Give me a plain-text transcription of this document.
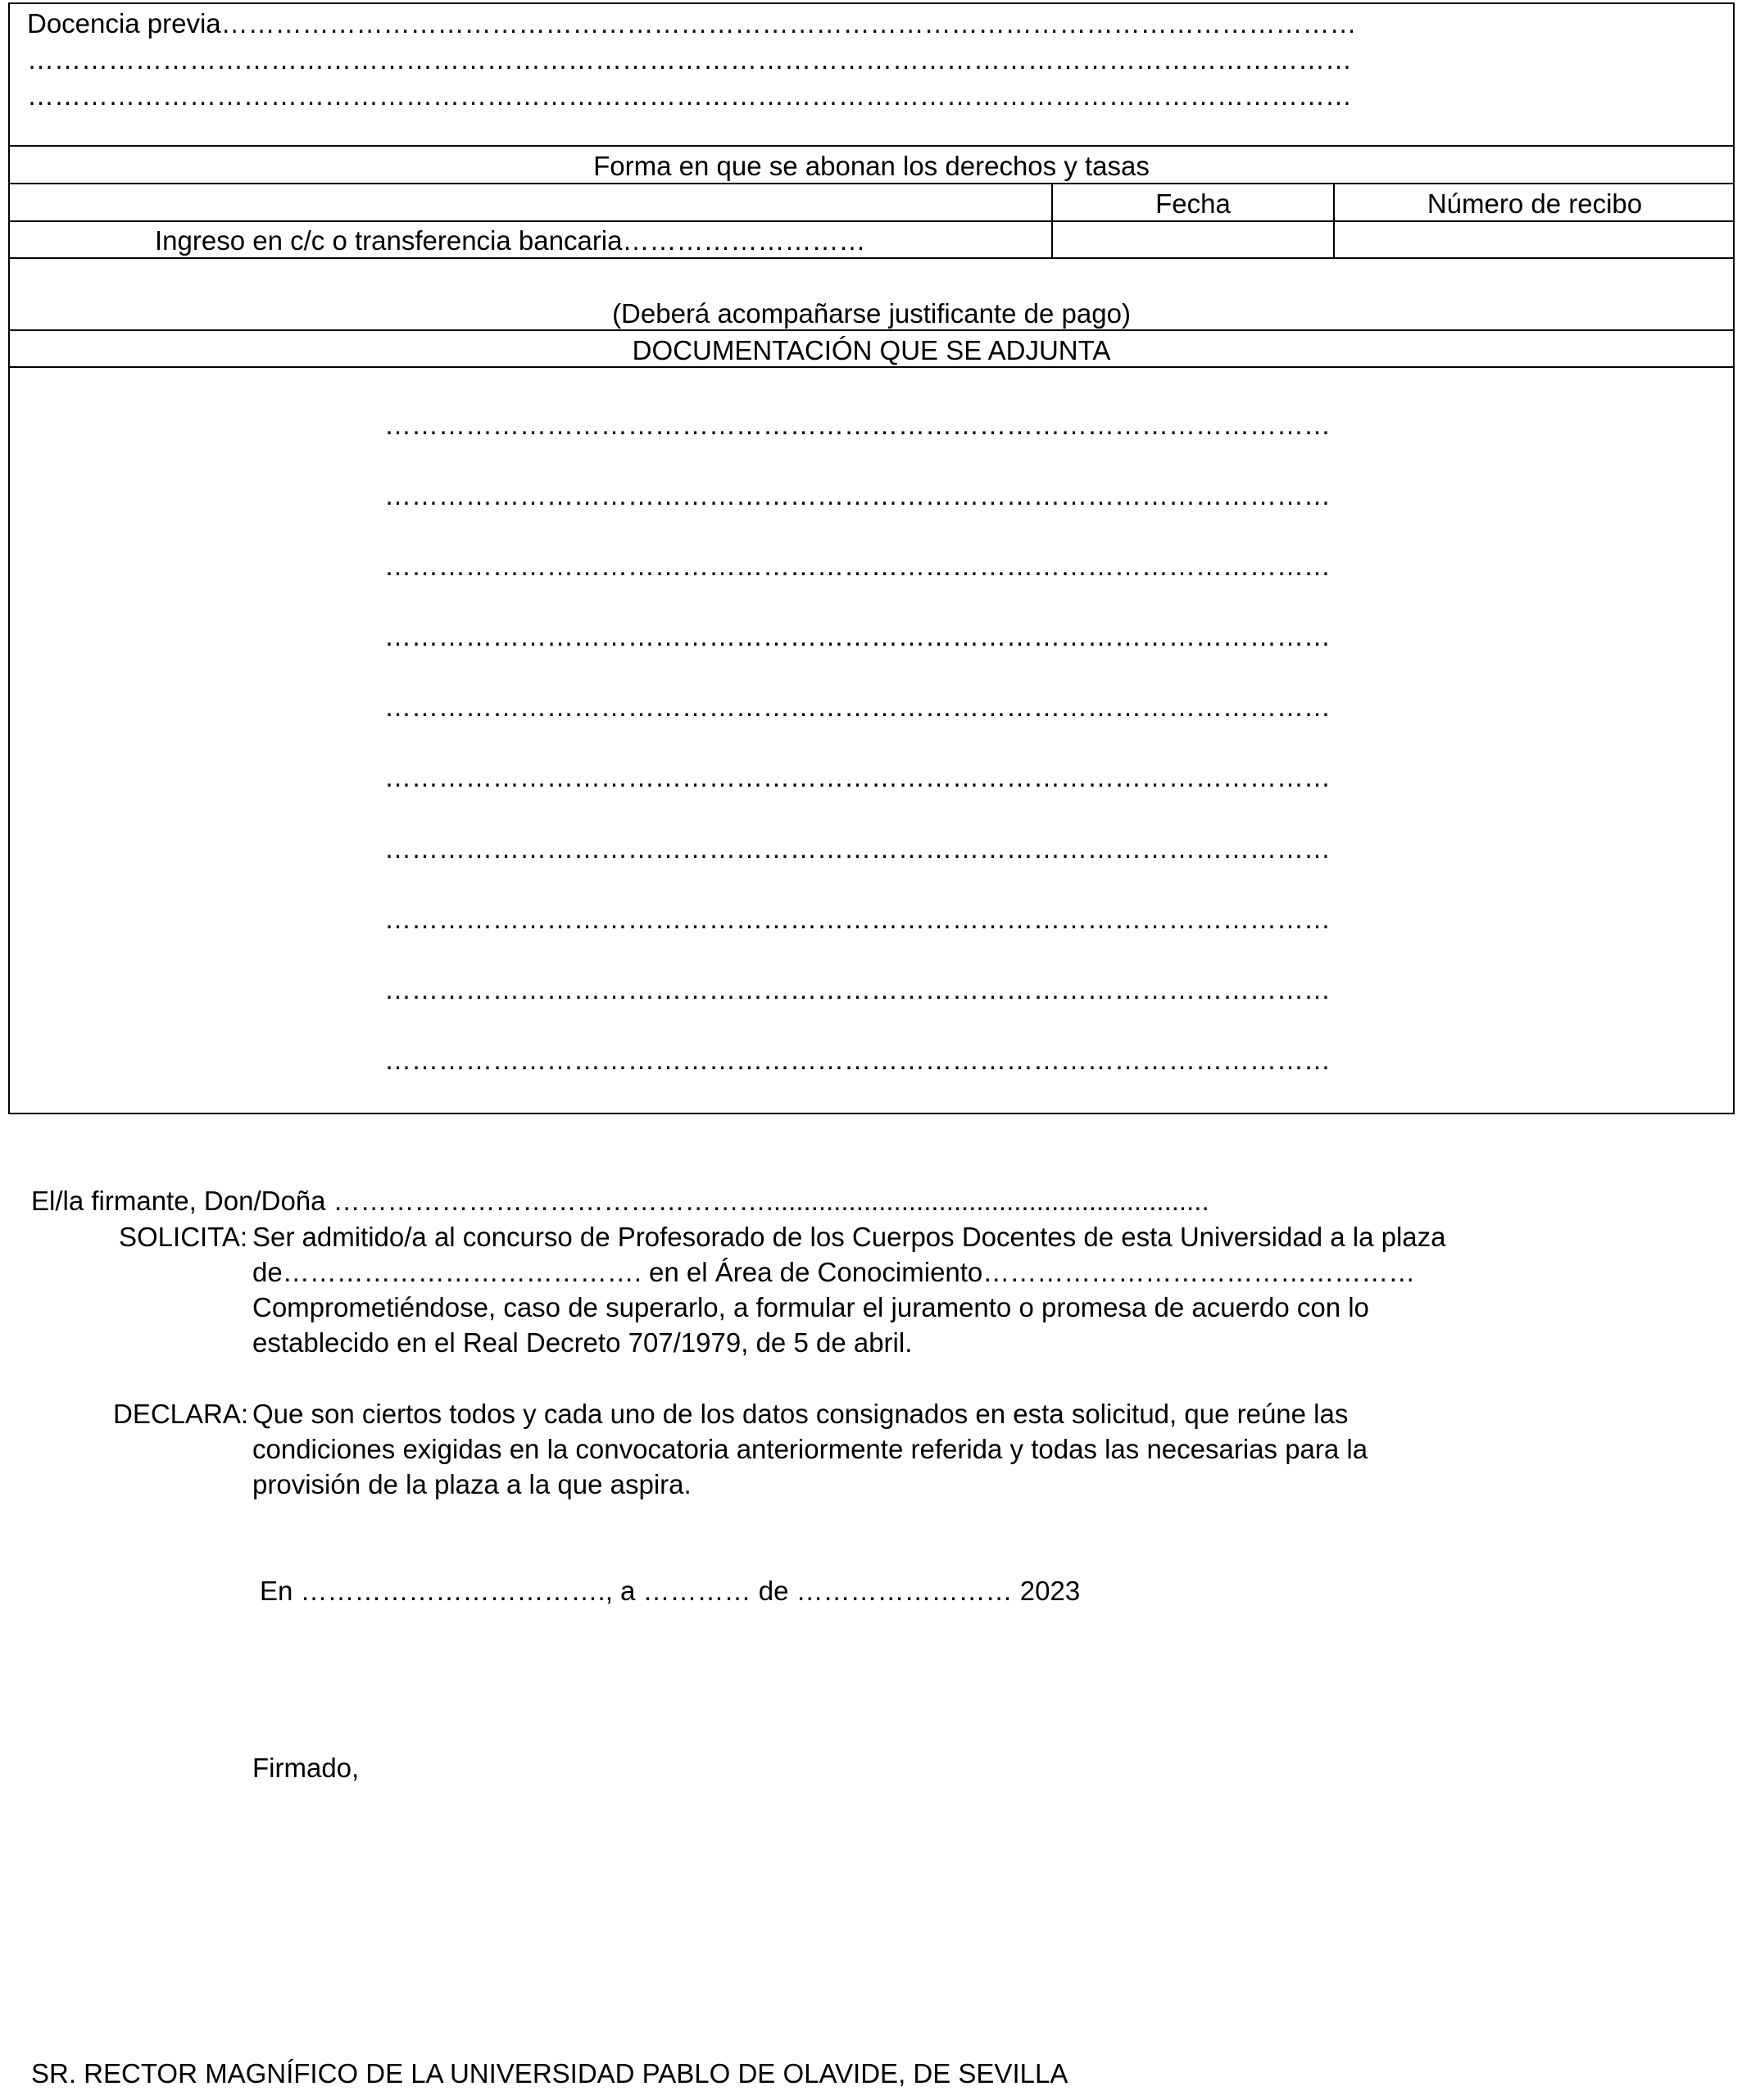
Docencia previa………………………………………………………………………………………………………………
…………………………………………………………………………………………………………………………………
…………………………………………………………………………………………………………………………………
Forma en que se abonan los derechos y tasas
Fecha	Número de recibo
Ingreso en c/c o transferencia bancaria………………………
(Deberá acompañarse justificante de pago)
DOCUMENTACIÓN QUE SE ADJUNTA
……………………………………………………………………………………………
……………………………………………………………………………………………
……………………………………………………………………………………………
……………………………………………………………………………………………
……………………………………………………………………………………………
……………………………………………………………………………………………
……………………………………………………………………………………………
……………………………………………………………………………………………
……………………………………………………………………………………………
……………………………………………………………………………………………
El/la firmante, Don/Doña …………………………………………...........................................................
SOLICITA: Ser admitido/a al concurso de Profesorado de los Cuerpos Docentes de esta Universidad a la plaza
de…………………………………. en el Área de Conocimiento…………………………………………
Comprometiéndose, caso de superarlo, a formular el juramento o promesa de acuerdo con lo
establecido en el Real Decreto 707/1979, de 5 de abril.
DECLARA: Que son ciertos todos y cada uno de los datos consignados en esta solicitud, que reúne las
condiciones exigidas en la convocatoria anteriormente referida y todas las necesarias para la
provisión de la plaza a la que aspira.
En ……………………………., a ………… de …………………… 2023
Firmado,
SR. RECTOR MAGNÍFICO DE LA UNIVERSIDAD PABLO DE OLAVIDE, DE SEVILLA
